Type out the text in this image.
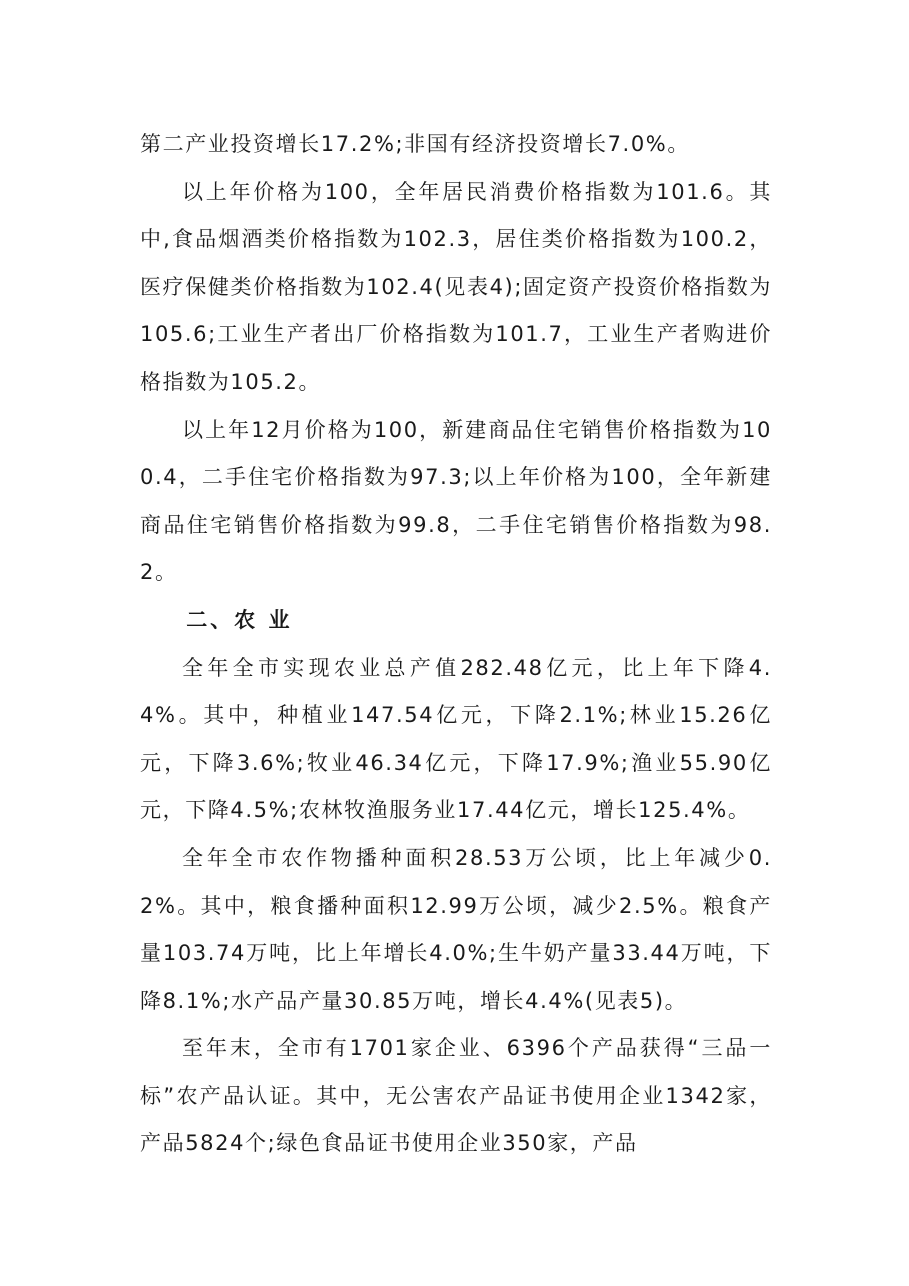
第二产业投资增长17.2%;非国有经济投资增长7.0%。

以上年价格为100，全年居民消费价格指数为101.6。其中,食品烟酒类价格指数为102.3，居住类价格指数为100.2，医疗保健类价格指数为102.4(见表4);固定资产投资价格指数为105.6;工业生产者出厂价格指数为101.7，工业生产者购进价格指数为105.2。

以上年12月价格为100，新建商品住宅销售价格指数为100.4，二手住宅价格指数为97.3;以上年价格为100，全年新建商品住宅销售价格指数为99.8，二手住宅销售价格指数为98.2。

二、农 业

全年全市实现农业总产值282.48亿元，比上年下降4.4%。其中，种植业147.54亿元，下降2.1%;林业15.26亿元，下降3.6%;牧业46.34亿元，下降17.9%;渔业55.90亿元，下降4.5%;农林牧渔服务业17.44亿元，增长125.4%。

全年全市农作物播种面积28.53万公顷，比上年减少0.2%。其中，粮食播种面积12.99万公顷，减少2.5%。粮食产量103.74万吨，比上年增长4.0%;生牛奶产量33.44万吨，下降8.1%;水产品产量30.85万吨，增长4.4%(见表5)。

至年末，全市有1701家企业、6396个产品获得“三品一标”农产品认证。其中，无公害农产品证书使用企业1342家，产品5824个;绿色食品证书使用企业350家，产品
